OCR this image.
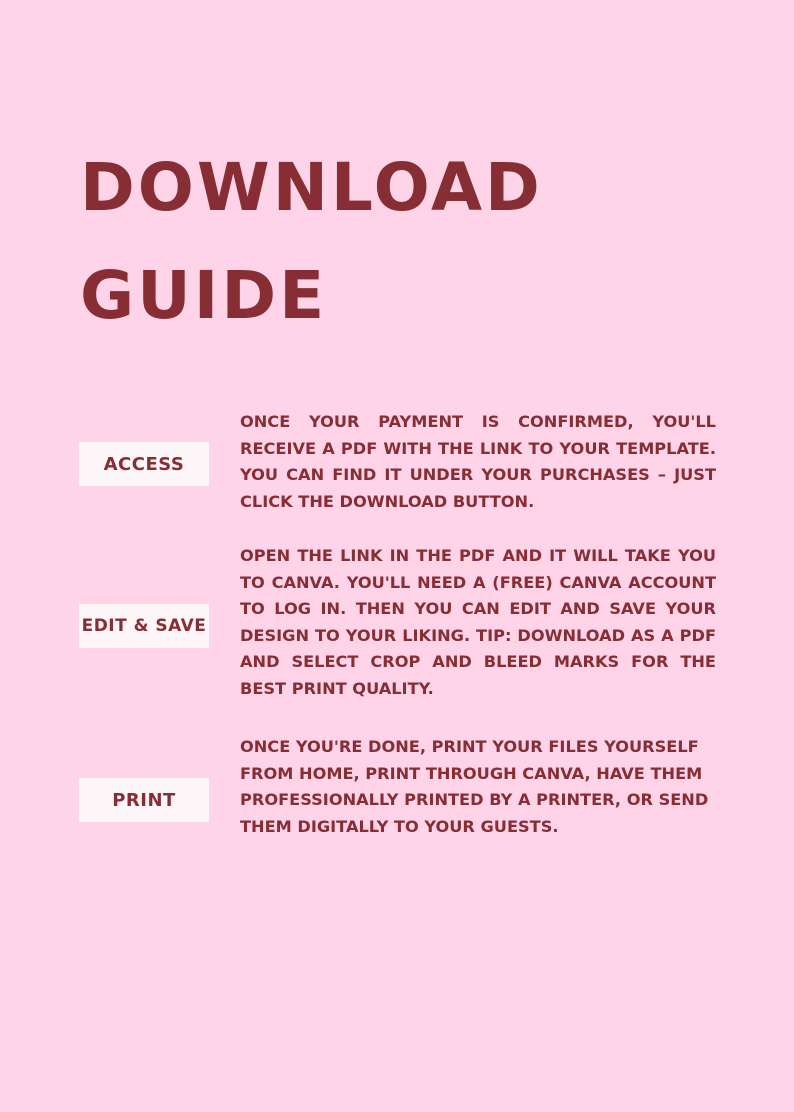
DOWNLOAD
GUIDE
ACCESS

ONCE YOUR PAYMENT IS CONFIRMED, YOU'LL RECEIVE A PDF WITH THE LINK TO YOUR TEMPLATE. YOU CAN FIND IT UNDER YOUR PURCHASES – JUST CLICK THE DOWNLOAD BUTTON.

EDIT & SAVE

OPEN THE LINK IN THE PDF AND IT WILL TAKE YOU TO CANVA. YOU'LL NEED A (FREE) CANVA ACCOUNT TO LOG IN. THEN YOU CAN EDIT AND SAVE YOUR DESIGN TO YOUR LIKING. TIP: DOWNLOAD AS A PDF AND SELECT CROP AND BLEED MARKS FOR THE BEST PRINT QUALITY.

PRINT

ONCE YOU'RE DONE, PRINT YOUR FILES YOURSELF FROM HOME, PRINT THROUGH CANVA, HAVE THEM PROFESSIONALLY PRINTED BY A PRINTER, OR SEND THEM DIGITALLY TO YOUR GUESTS.
